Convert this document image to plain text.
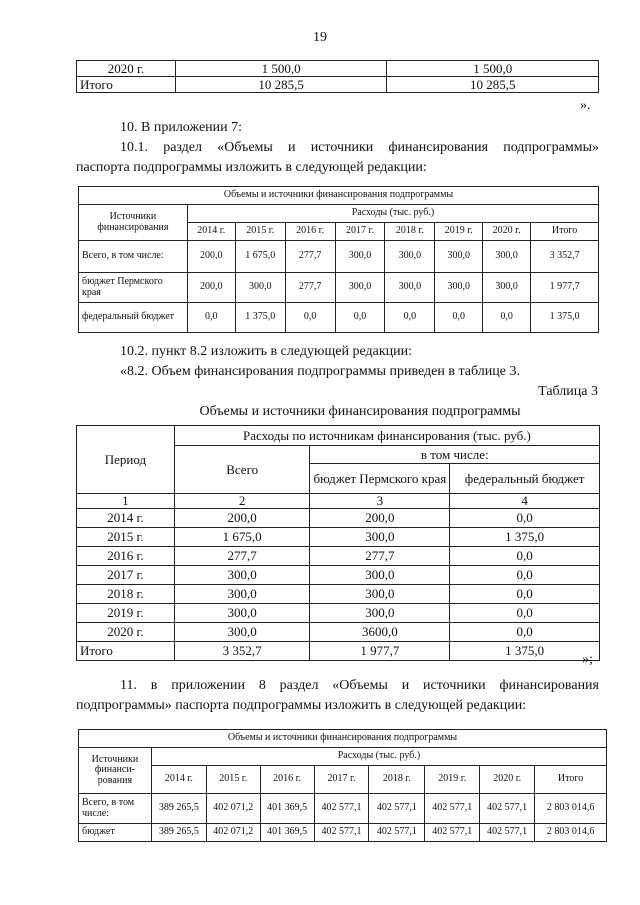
19
2020 г.	1 500,0	1 500,0
Итого	10 285,5	10 285,5
».
10. В приложении 7:
10.1. раздел «Объемы и источники финансирования подпрограммы»
паспорта подпрограммы изложить в следующей редакции:
Объемы и источники финансирования подпрограммы								
Источники финансирования	Расходы (тыс. руб.)							
	2014 г.	2015 г.	2016 г.	2017 г.	2018 г.	2019 г.	2020 г.	Итого
Всего, в том числе:	200,0	1 675,0	277,7	300,0	300,0	300,0	300,0	3 352,7
бюджет Пермского края	200,0	300,0	277,7	300,0	300,0	300,0	300,0	1 977,7
федеральный бюджет	0,0	1 375,0	0,0	0,0	0,0	0,0	0,0	1 375,0
10.2. пункт 8.2 изложить в следующей редакции:
«8.2. Объем финансирования подпрограммы приведен в таблице 3.
Таблица 3
Объемы и источники финансирования подпрограммы
Период	Расходы по источникам финансирования (тыс. руб.)		
	Всего	в том числе:	
		бюджет Пермского края	федеральный бюджет
1	2	3	4
2014 г.	200,0	200,0	0,0
2015 г.	1 675,0	300,0	1 375,0
2016 г.	277,7	277,7	0,0
2017 г.	300,0	300,0	0,0
2018 г.	300,0	300,0	0,0
2019 г.	300,0	300,0	0,0
2020 г.	300,0	3600,0	0,0
Итого	3 352,7	1 977,7	1 375,0
»;
11. в приложении 8 раздел «Объемы и источники финансирования
подпрограммы» паспорта подпрограммы изложить в следующей редакции:
Объемы и источники финансирования подпрограммы								
Источники финанси-рования	Расходы (тыс. руб.)							
	2014 г.	2015 г.	2016 г.	2017 г.	2018 г.	2019 г.	2020 г.	Итого
Всего, в том числе:	389 265,5	402 071,2	401 369,5	402 577,1	402 577,1	402 577,1	402 577,1	2 803 014,6
бюджет	389 265,5	402 071,2	401 369,5	402 577,1	402 577,1	402 577,1	402 577,1	2 803 014,6
